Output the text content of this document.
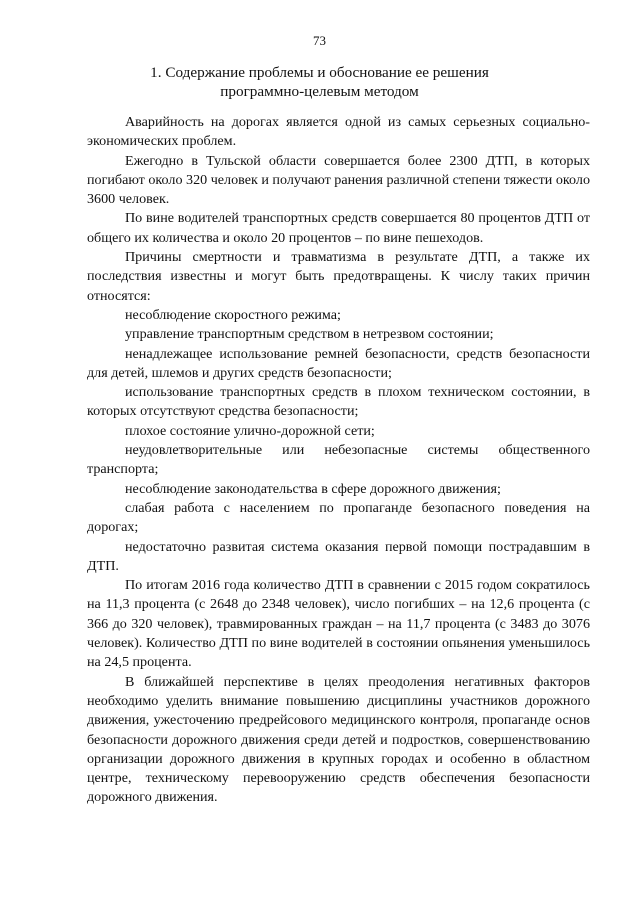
73
1. Содержание проблемы и обоснование ее решения
программно-целевым методом

Аварийность на дорогах является одной из самых серьезных социально-экономических проблем.

Ежегодно в Тульской области совершается более 2300 ДТП, в которых погибают около 320 человек и получают ранения различной степени тяжести около 3600 человек.

По вине водителей транспортных средств совершается 80 процентов ДТП от общего их количества и около 20 процентов – по вине пешеходов.

Причины смертности и травматизма в результате ДТП, а также их последствия известны и могут быть предотвращены. К числу таких причин относятся:

несоблюдение скоростного режима;

управление транспортным средством в нетрезвом состоянии;

ненадлежащее использование ремней безопасности, средств безопасности для детей, шлемов и других средств безопасности;

использование транспортных средств в плохом техническом состоянии, в которых отсутствуют средства безопасности;

плохое состояние улично-дорожной сети;

неудовлетворительные или небезопасные системы общественного транспорта;

несоблюдение законодательства в сфере дорожного движения;

слабая работа с населением по пропаганде безопасного поведения на дорогах;

недостаточно развитая система оказания первой помощи пострадавшим в ДТП.

По итогам 2016 года количество ДТП в сравнении с 2015 годом сократилось на 11,3 процента (с 2648 до 2348 человек), число погибших – на 12,6 процента (с 366 до 320 человек), травмированных граждан – на 11,7 процента (с 3483 до 3076 человек). Количество ДТП по вине водителей в состоянии опьянения уменьшилось на 24,5 процента.

В ближайшей перспективе в целях преодоления негативных факторов необходимо уделить внимание повышению дисциплины участников дорожного движения, ужесточению предрейсового медицинского контроля, пропаганде основ безопасности дорожного движения среди детей и подростков, совершенствованию организации дорожного движения в крупных городах и особенно в областном центре, техническому перевооружению средств обеспечения безопасности дорожного движения.
